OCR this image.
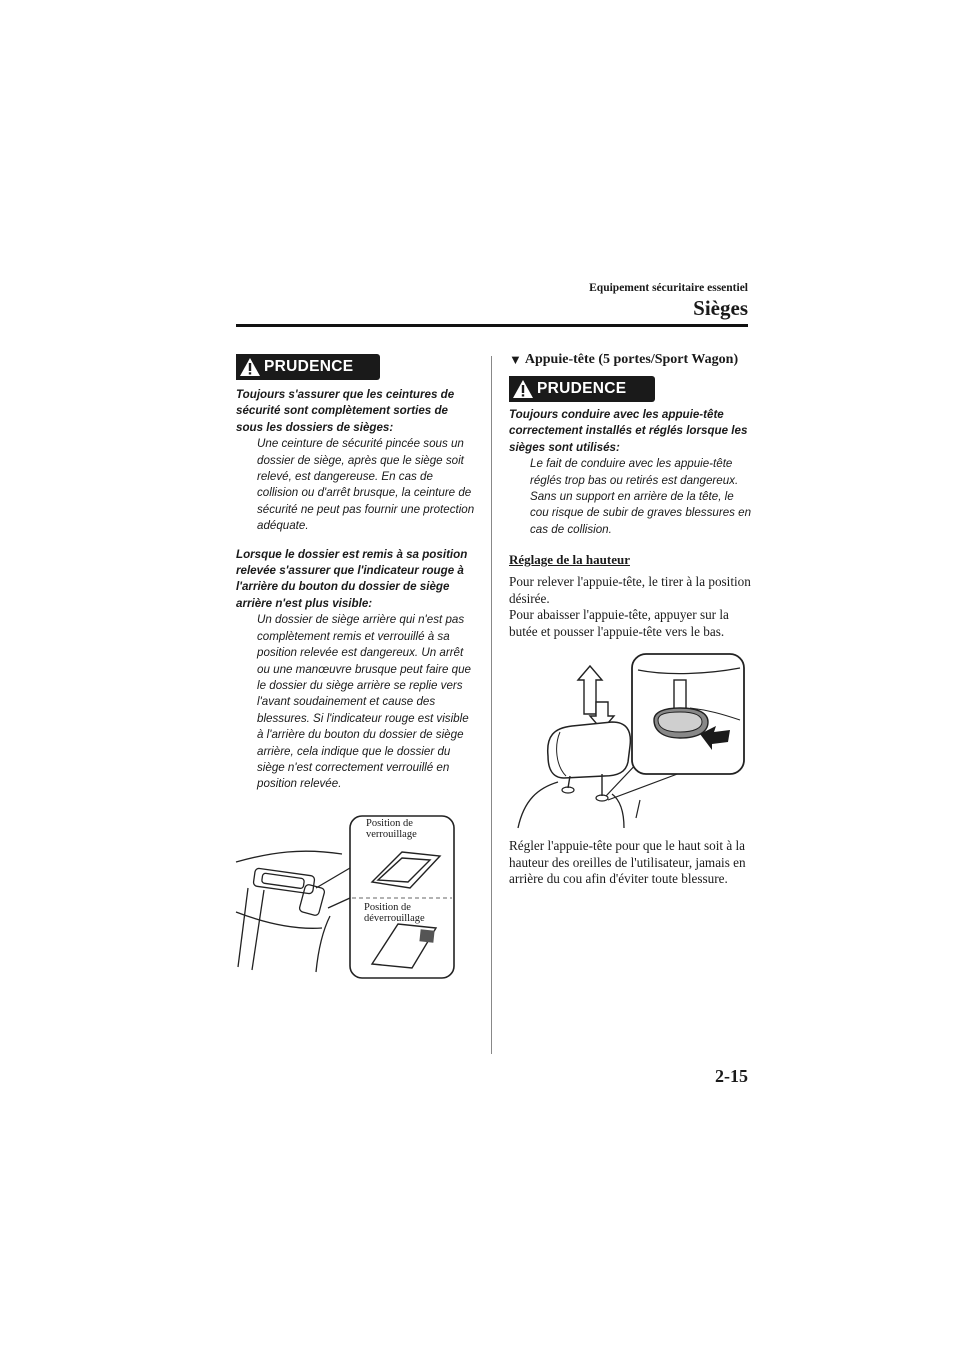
Equipement sécuritaire essentiel
Sièges
PRUDENCE
Toujours s'assurer que les ceintures de sécurité sont complètement sorties de sous les dossiers de sièges:
Une ceinture de sécurité pincée sous un dossier de siège, après que le siège soit relevé, est dangereuse. En cas de collision ou d'arrêt brusque, la ceinture de sécurité ne peut pas fournir une protection adéquate.
Lorsque le dossier est remis à sa position relevée s'assurer que l'indicateur rouge à l'arrière du bouton du dossier de siège arrière n'est plus visible:
Un dossier de siège arrière qui n'est pas complètement remis et verrouillé à sa position relevée est dangereux. Un arrêt ou une manœuvre brusque peut faire que le dossier du siège arrière se replie vers l'avant soudainement et cause des blessures. Si l'indicateur rouge est visible à l'arrière du bouton du dossier de siège arrière, cela indique que le dossier du siège n'est correctement verrouillé en position relevée.
Position de
verrouillage
Position de
déverrouillage
▼ Appuie-tête (5 portes/Sport Wagon)
PRUDENCE
Toujours conduire avec les appuie-tête correctement installés et réglés lorsque les sièges sont utilisés:
Le fait de conduire avec les appuie-tête réglés trop bas ou retirés est dangereux. Sans un support en arrière de la tête, le cou risque de subir de graves blessures en cas de collision.
Réglage de la hauteur
Pour relever l'appuie-tête, le tirer à la position désirée.
Pour abaisser l'appuie-tête, appuyer sur la butée et pousser l'appuie-tête vers le bas.
Régler l'appuie-tête pour que le haut soit à la hauteur des oreilles de l'utilisateur, jamais en arrière du cou afin d'éviter toute blessure.
2-15
